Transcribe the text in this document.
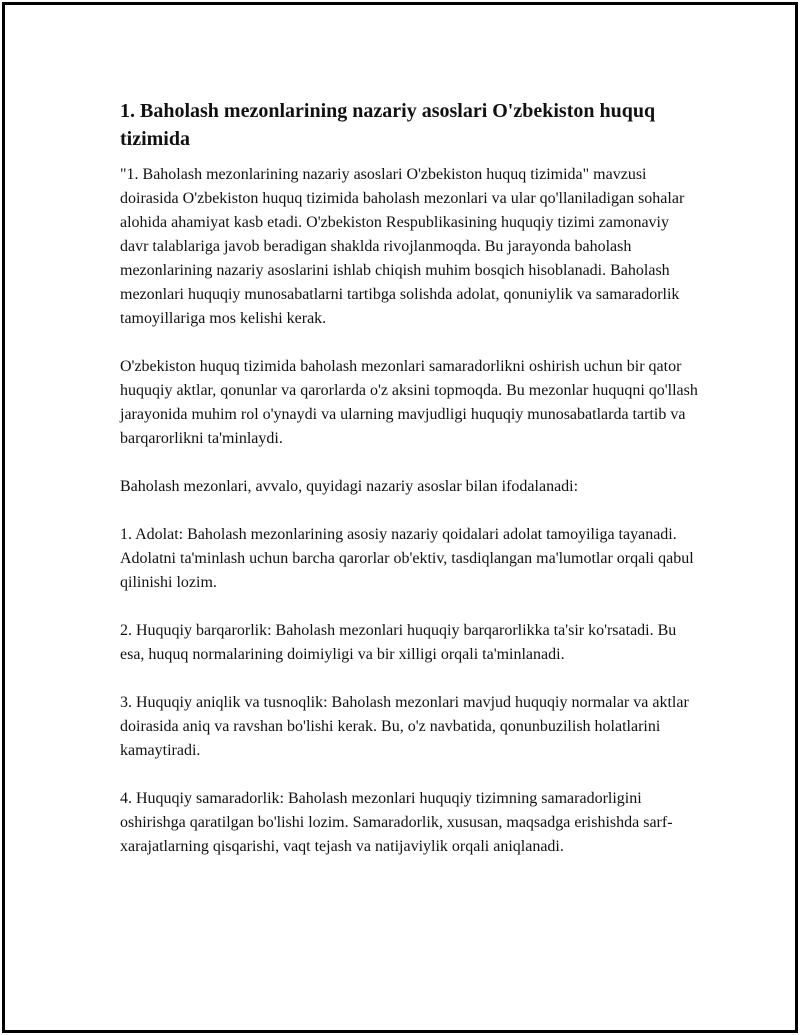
1. Baholash mezonlarining nazariy asoslari O'zbekiston huquq tizimida

"1. Baholash mezonlarining nazariy asoslari O'zbekiston huquq tizimida" mavzusi doirasida O'zbekiston huquq tizimida baholash mezonlari va ular qo'llaniladigan sohalar alohida ahamiyat kasb etadi. O'zbekiston Respublikasining huquqiy tizimi zamonaviy davr talablariga javob beradigan shaklda rivojlanmoqda. Bu jarayonda baholash mezonlarining nazariy asoslarini ishlab chiqish muhim bosqich hisoblanadi. Baholash mezonlari huquqiy munosabatlarni tartibga solishda adolat, qonuniylik va samaradorlik tamoyillariga mos kelishi kerak.

O'zbekiston huquq tizimida baholash mezonlari samaradorlikni oshirish uchun bir qator huquqiy aktlar, qonunlar va qarorlarda o'z aksini topmoqda. Bu mezonlar huquqni qo'llash jarayonida muhim rol o'ynaydi va ularning mavjudligi huquqiy munosabatlarda tartib va barqarorlikni ta'minlaydi.

Baholash mezonlari, avvalo, quyidagi nazariy asoslar bilan ifodalanadi:

1. Adolat: Baholash mezonlarining asosiy nazariy qoidalari adolat tamoyiliga tayanadi. Adolatni ta'minlash uchun barcha qarorlar ob'ektiv, tasdiqlangan ma'lumotlar orqali qabul qilinishi lozim.

2. Huquqiy barqarorlik: Baholash mezonlari huquqiy barqarorlikka ta'sir ko'rsatadi. Bu esa, huquq normalarining doimiyligi va bir xilligi orqali ta'minlanadi.

3. Huquqiy aniqlik va tusnoqlik: Baholash mezonlari mavjud huquqiy normalar va aktlar doirasida aniq va ravshan bo'lishi kerak. Bu, o'z navbatida, qonunbuzilish holatlarini kamaytiradi.

4. Huquqiy samaradorlik: Baholash mezonlari huquqiy tizimning samaradorligini oshirishga qaratilgan bo'lishi lozim. Samaradorlik, xususan, maqsadga erishishda sarf-xarajatlarning qisqarishi, vaqt tejash va natijaviylik orqali aniqlanadi.
